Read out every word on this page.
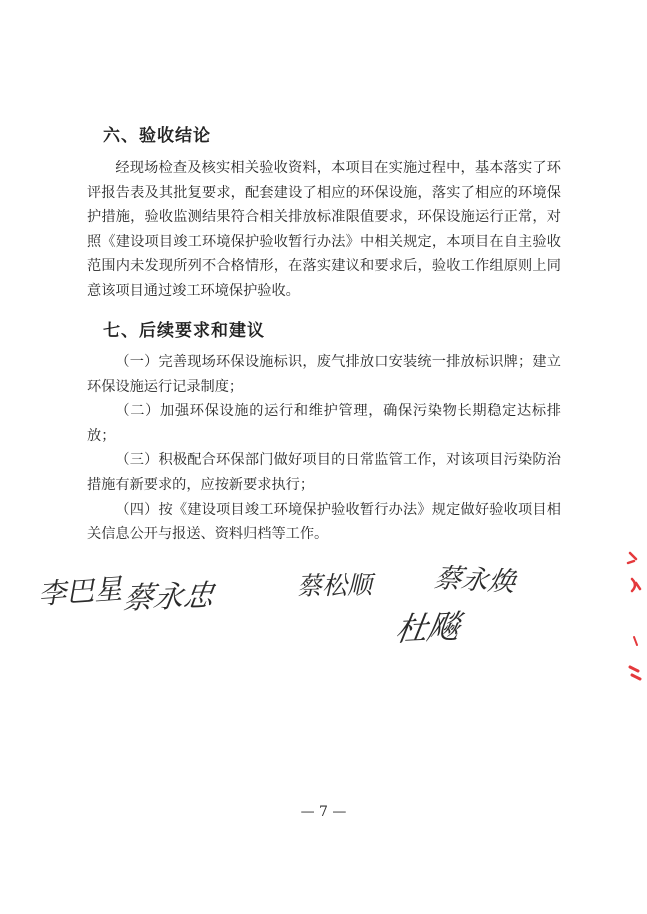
六、验收结论

经现场检查及核实相关验收资料，本项目在实施过程中，基本落实了环评报告表及其批复要求，配套建设了相应的环保设施，落实了相应的环境保护措施，验收监测结果符合相关排放标准限值要求，环保设施运行正常，对照《建设项目竣工环境保护验收暂行办法》中相关规定，本项目在自主验收范围内未发现所列不合格情形，在落实建议和要求后，验收工作组原则上同意该项目通过竣工环境保护验收。

七、后续要求和建议

（一）完善现场环保设施标识，废气排放口安装统一排放标识牌；建立环保设施运行记录制度；

（二）加强环保设施的运行和维护管理，确保污染物长期稳定达标排放；

（三）积极配合环保部门做好项目的日常监管工作，对该项目污染防治措施有新要求的，应按新要求执行；

（四）按《建设项目竣工环境保护验收暂行办法》规定做好验收项目相关信息公开与报送、资料归档等工作。

李巴星
蔡永忠	蔡松顺 蔡永焕
杜飚
— 7 —
